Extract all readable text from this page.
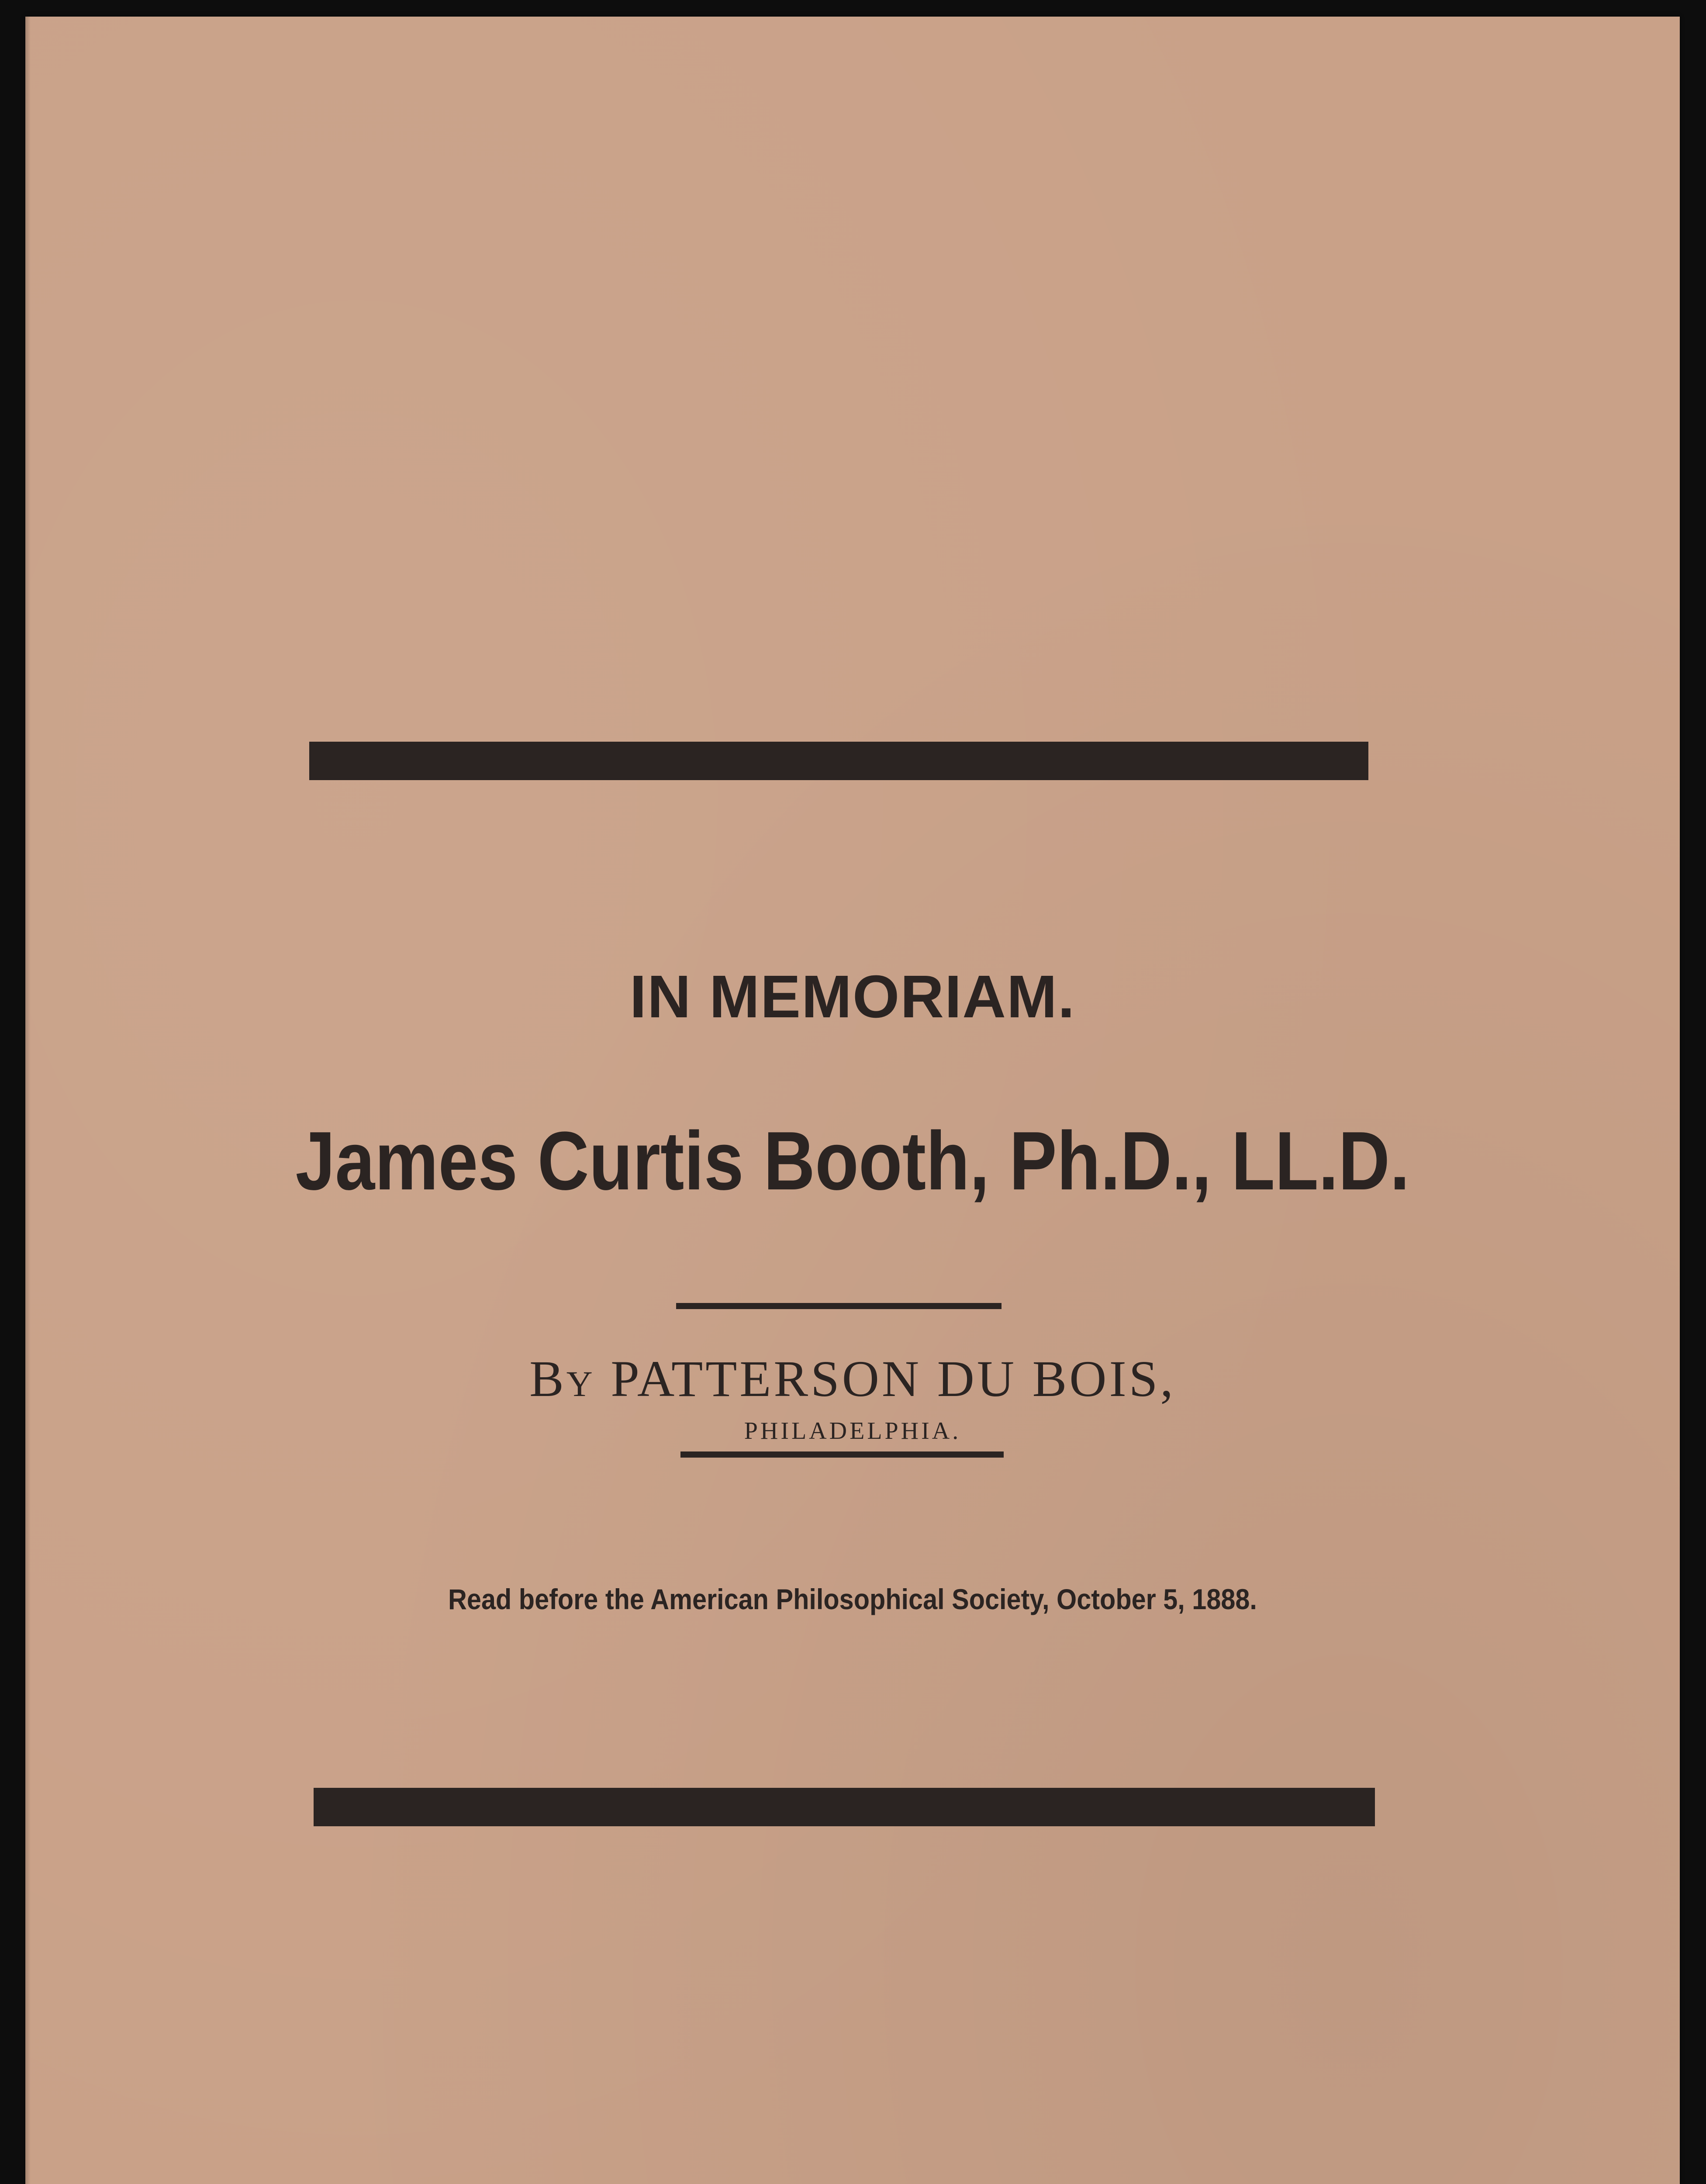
IN MEMORIAM.
James Curtis Booth, Ph.D., LL.D.

By PATTERSON DU BOIS,

PHILADELPHIA.

Read before the American Philosophical Society, October 5, 1888.
